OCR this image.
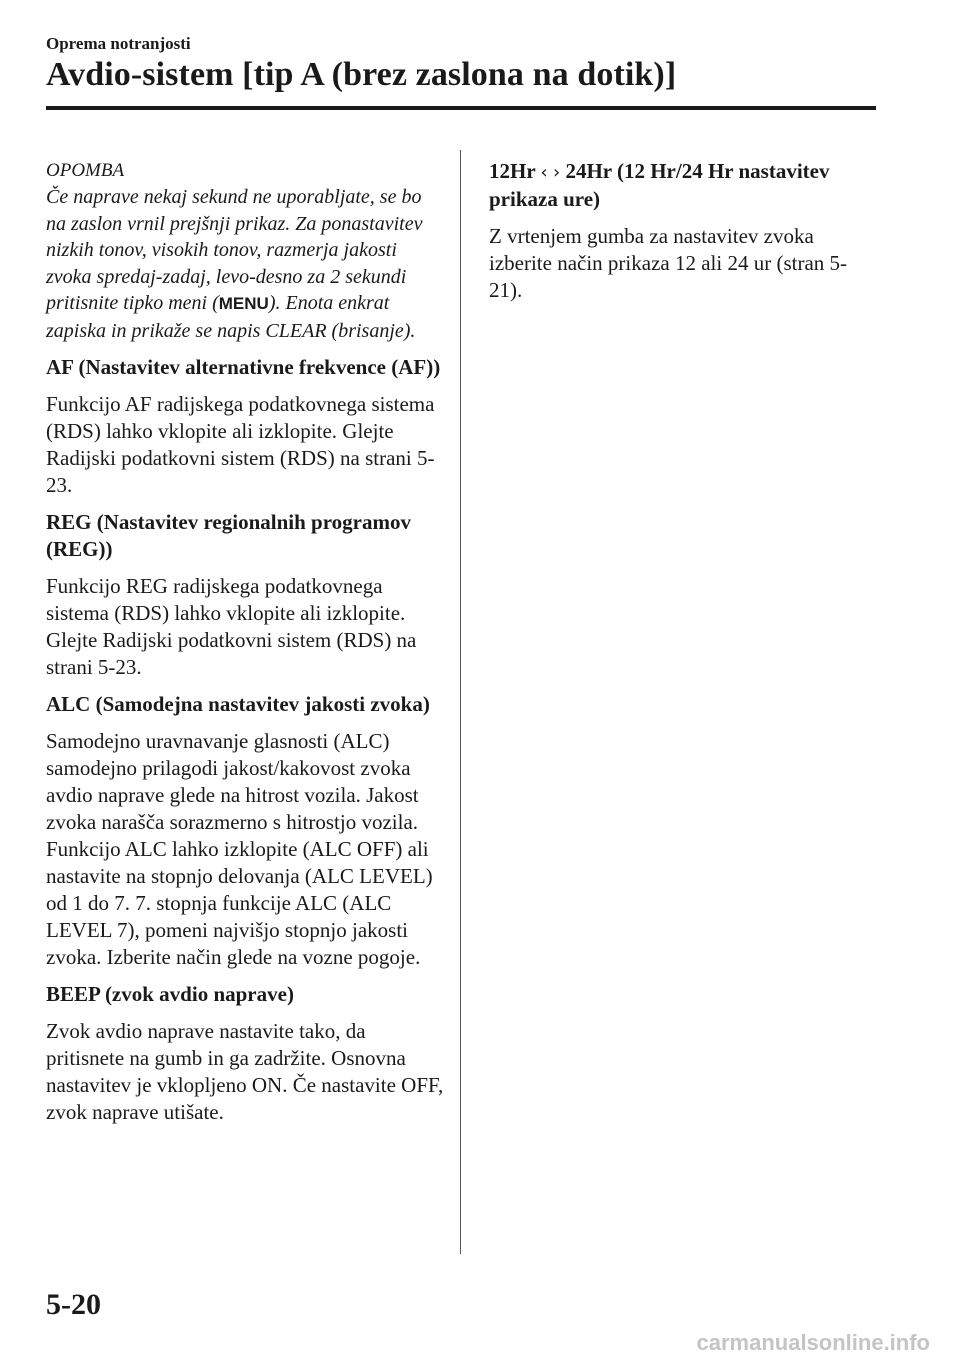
Oprema notranjosti
Avdio-sistem [tip A (brez zaslona na dotik)]

OPOMBA

Če naprave nekaj sekund ne uporabljate, se bo na zaslon vrnil prejšnji prikaz. Za ponastavitev nizkih tonov, visokih tonov, razmerja jakosti zvoka spredaj-zadaj, levo-desno za 2 sekundi pritisnite tipko meni (MENU). Enota enkrat zapiska in prikaže se napis CLEAR (brisanje).

AF (Nastavitev alternativne frekvence (AF))

Funkcijo AF radijskega podatkovnega sistema (RDS) lahko vklopite ali izklopite. Glejte Radijski podatkovni sistem (RDS) na strani 5-23.

REG (Nastavitev regionalnih programov (REG))

Funkcijo REG radijskega podatkovnega sistema (RDS) lahko vklopite ali izklopite. Glejte Radijski podatkovni sistem (RDS) na strani 5-23.

ALC (Samodejna nastavitev jakosti zvoka)

Samodejno uravnavanje glasnosti (ALC) samodejno prilagodi jakost/kakovost zvoka avdio naprave glede na hitrost vozila. Jakost zvoka narašča sorazmerno s hitrostjo vozila. Funkcijo ALC lahko izklopite (ALC OFF) ali nastavite na stopnjo delovanja (ALC LEVEL) od 1 do 7. 7. stopnja funkcije ALC (ALC LEVEL 7), pomeni najvišjo stopnjo jakosti zvoka. Izberite način glede na vozne pogoje.

BEEP (zvok avdio naprave)

Zvok avdio naprave nastavite tako, da pritisnete na gumb in ga zadržite. Osnovna nastavitev je vklopljeno ON. Če nastavite OFF, zvok naprave utišate.

12Hr ‹ › 24Hr (12 Hr/24 Hr nastavitev prikaza ure)

Z vrtenjem gumba za nastavitev zvoka izberite način prikaza 12 ali 24 ur (stran 5-21).

5-20
carmanualsonline.info
